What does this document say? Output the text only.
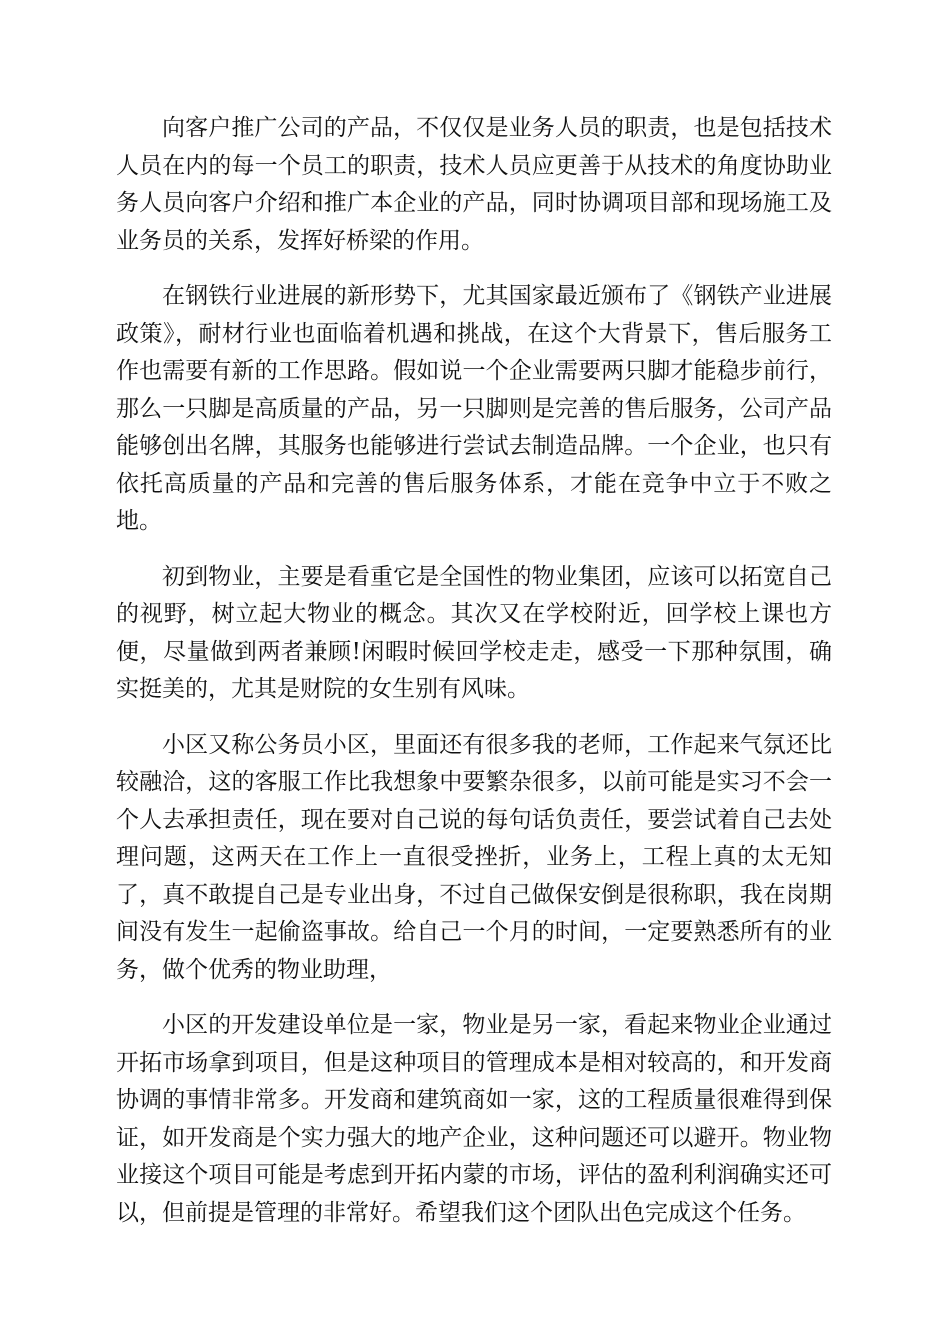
向客户推广公司的产品，不仅仅是业务人员的职责，也是包括技术人员在内的每一个员工的职责，技术人员应更善于从技术的角度协助业务人员向客户介绍和推广本企业的产品，同时协调项目部和现场施工及业务员的关系，发挥好桥梁的作用。

在钢铁行业进展的新形势下，尤其国家最近颁布了《钢铁产业进展政策》，耐材行业也面临着机遇和挑战，在这个大背景下，售后服务工作也需要有新的工作思路。假如说一个企业需要两只脚才能稳步前行，那么一只脚是高质量的产品，另一只脚则是完善的售后服务，公司产品能够创出名牌，其服务也能够进行尝试去制造品牌。一个企业，也只有依托高质量的产品和完善的售后服务体系，才能在竞争中立于不败之地。

初到物业，主要是看重它是全国性的物业集团，应该可以拓宽自己的视野，树立起大物业的概念。其次又在学校附近，回学校上课也方便，尽量做到两者兼顾!闲暇时候回学校走走，感受一下那种氛围，确实挺美的，尤其是财院的女生别有风味。

小区又称公务员小区，里面还有很多我的老师，工作起来气氛还比较融洽，这的客服工作比我想象中要繁杂很多，以前可能是实习不会一个人去承担责任，现在要对自己说的每句话负责任，要尝试着自己去处理问题，这两天在工作上一直很受挫折，业务上，工程上真的太无知了，真不敢提自己是专业出身，不过自己做保安倒是很称职，我在岗期间没有发生一起偷盗事故。给自己一个月的时间，一定要熟悉所有的业务，做个优秀的物业助理，

小区的开发建设单位是一家，物业是另一家，看起来物业企业通过开拓市场拿到项目，但是这种项目的管理成本是相对较高的，和开发商协调的事情非常多。开发商和建筑商如一家，这的工程质量很难得到保证，如开发商是个实力强大的地产企业，这种问题还可以避开。物业物业接这个项目可能是考虑到开拓内蒙的市场，评估的盈利利润确实还可以，但前提是管理的非常好。希望我们这个团队出色完成这个任务。
